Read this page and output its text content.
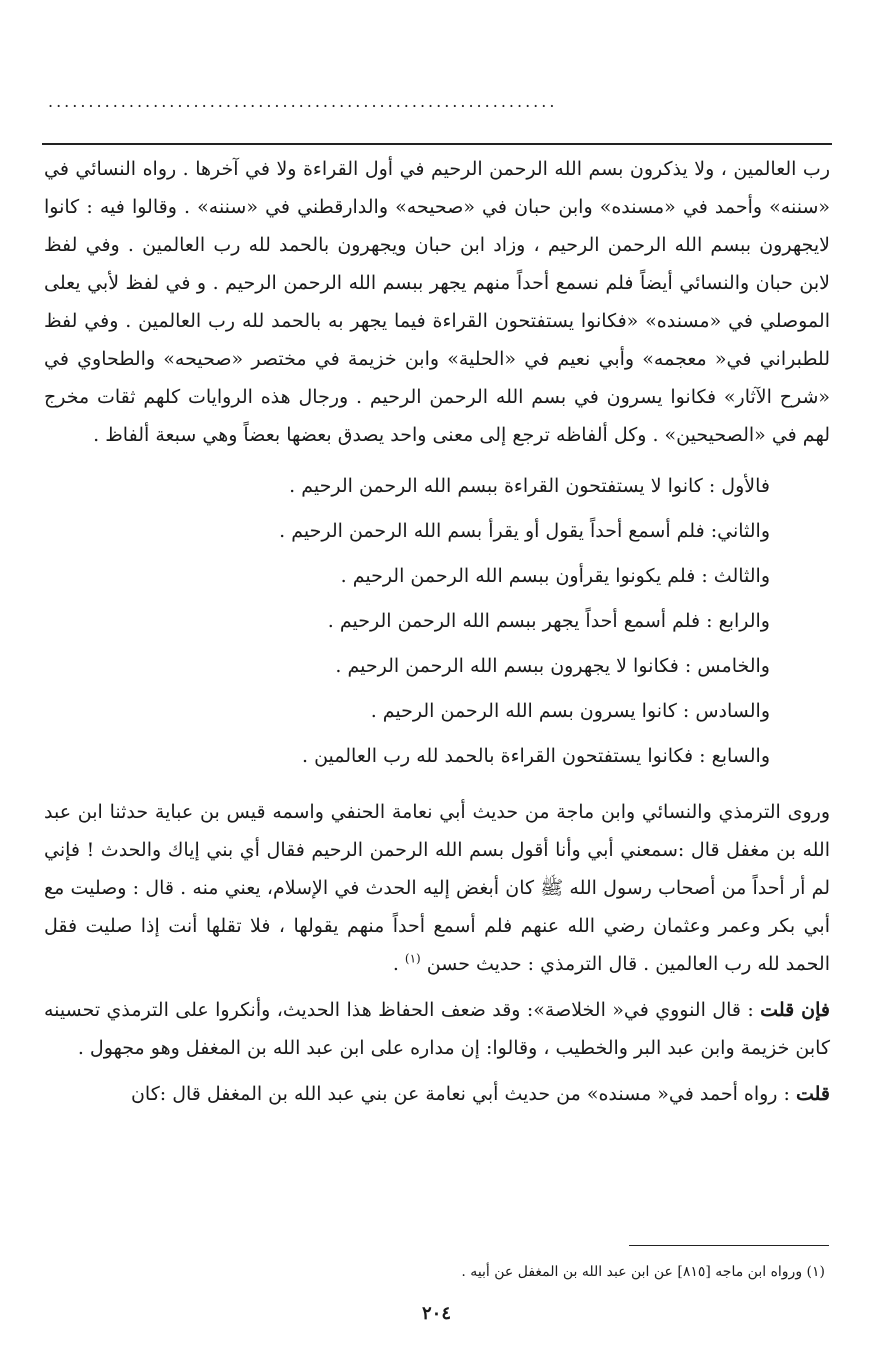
...............................................................

رب العالمين ، ولا يذكرون بسم الله الرحمن الرحيم في أول القراءة ولا في آخرها . رواه النسائي في «سننه» وأحمد في «مسنده» وابن حبان في «صحيحه» والدارقطني في «سننه» . وقالوا فيه : كانوا لايجهرون ببسم الله الرحمن الرحيم ، وزاد ابن حبان ويجهرون بالحمد لله رب العالمين . وفي لفظ لابن حبان والنسائي أيضاً فلم نسمع أحداً منهم يجهر ببسم الله الرحمن الرحيم . و في لفظ لأبي يعلى الموصلي في «مسنده» «فكانوا يستفتحون القراءة فيما يجهر به بالحمد لله رب العالمين . وفي لفظ للطبراني في« معجمه» وأبي نعيم في «الحلية» وابن خزيمة في مختصر «صحيحه» والطحاوي في «شرح الآثار» فكانوا يسرون في بسم الله الرحمن الرحيم . ورجال هذه الروايات كلهم ثقات مخرج لهم في «الصحيحين» . وكل ألفاظه ترجع إلى معنى واحد يصدق بعضها بعضاً وهي سبعة ألفاظ .

فالأول : كانوا لا يستفتحون القراءة ببسم الله الرحمن الرحيم .
والثاني: فلم أسمع أحداً يقول أو يقرأ بسم الله الرحمن الرحيم .
والثالث : فلم يكونوا يقرأون ببسم الله الرحمن الرحيم .
والرابع : فلم أسمع أحداً يجهر ببسم الله الرحمن الرحيم .
والخامس : فكانوا لا يجهرون ببسم الله الرحمن الرحيم .
والسادس : كانوا يسرون بسم الله الرحمن الرحيم .
والسابع : فكانوا يستفتحون القراءة بالحمد لله رب العالمين .

وروى الترمذي والنسائي وابن ماجة من حديث أبي نعامة الحنفي واسمه قيس بن عباية حدثنا ابن عبد الله بن مغفل قال :سمعني أبي وأنا أقول بسم الله الرحمن الرحيم فقال أي بني إياك والحدث ! فإني لم أر أحداً من أصحاب رسول الله ﷺ كان أبغض إليه الحدث في الإسلام، يعني منه . قال : وصليت مع أبي بكر وعمر وعثمان رضي الله عنهم فلم أسمع أحداً منهم يقولها ، فلا تقلها أنت إذا صليت فقل الحمد لله رب العالمين . قال الترمذي : حديث حسن $^{(١)}$ .

فإن قلت : قال النووي في« الخلاصة»: وقد ضعف الحفاظ هذا الحديث، وأنكروا على الترمذي تحسينه كابن خزيمة وابن عبد البر والخطيب ، وقالوا: إن مداره على ابن عبد الله بن المغفل وهو مجهول .

قلت : رواه أحمد في« مسنده» من حديث أبي نعامة عن بني عبد الله بن المغفل قال :كان

(١) ورواه ابن ماجه [٨١٥] عن ابن عبد الله بن المغفل عن أبيه .
٢٠٤
